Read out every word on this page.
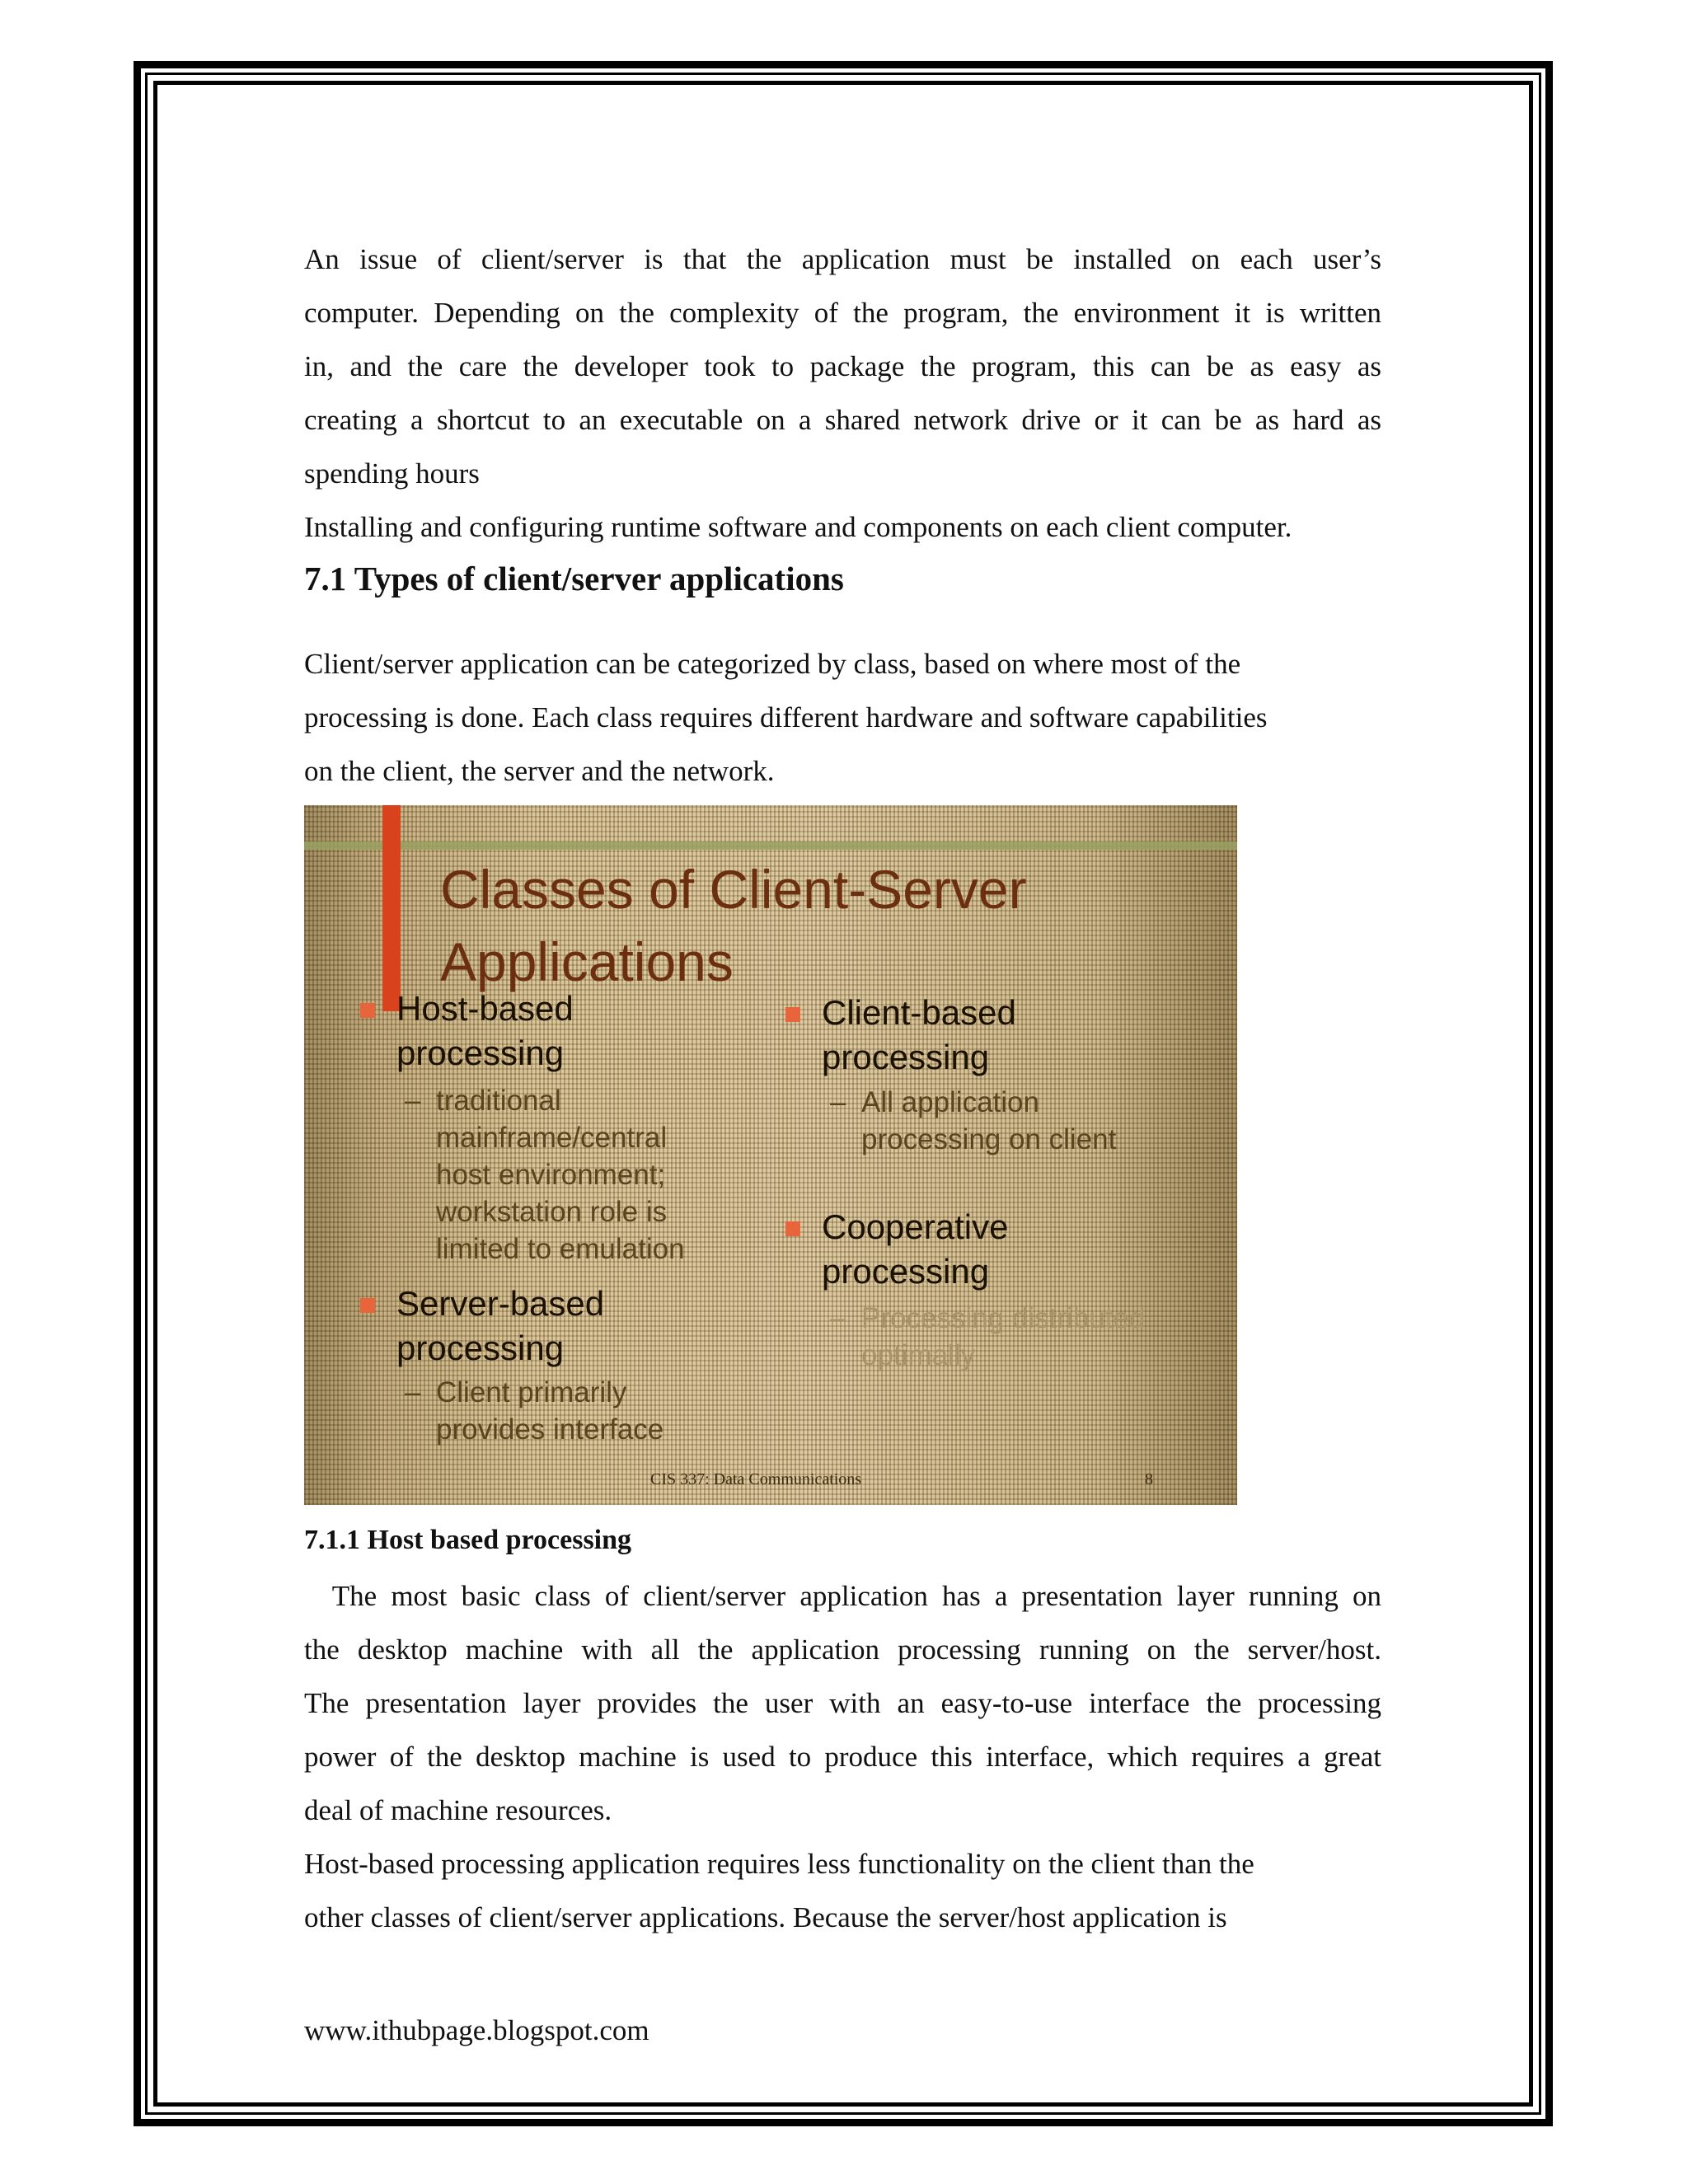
An issue of client/server is that the application must be installed on each user’s
computer. Depending on the complexity of the program, the environment it is written
in, and the care the developer took to package the program, this can be as easy as
creating a shortcut to an executable on a shared network drive or it can be as hard as
spending hours
Installing and configuring runtime software and components on each client computer.

7.1 Types of client/server applications

Client/server application can be categorized by class, based on where most of the
processing is done. Each class requires different hardware and software capabilities
on the client, the server and the network.

Classes of Client-Server
Applications
Host-based
processing
– traditional
mainframe/central
host environment;
workstation role is
limited to emulation
Server-based
processing
– Client primarily
provides interface
Client-based
processing
– All application
processing on client
Cooperative
processing
– Processing distributed
optimally
CIS 337: Data Communications	8
7.1.1 Host based processing

The most basic class of client/server application has a presentation layer running on
the desktop machine with all the application processing running on the server/host.
The presentation layer provides the user with an easy-to-use interface the processing
power of the desktop machine is used to produce this interface, which requires a great
deal of machine resources.
Host-based processing application requires less functionality on the client than the
other classes of client/server applications. Because the server/host application is

www.ithubpage.blogspot.com
